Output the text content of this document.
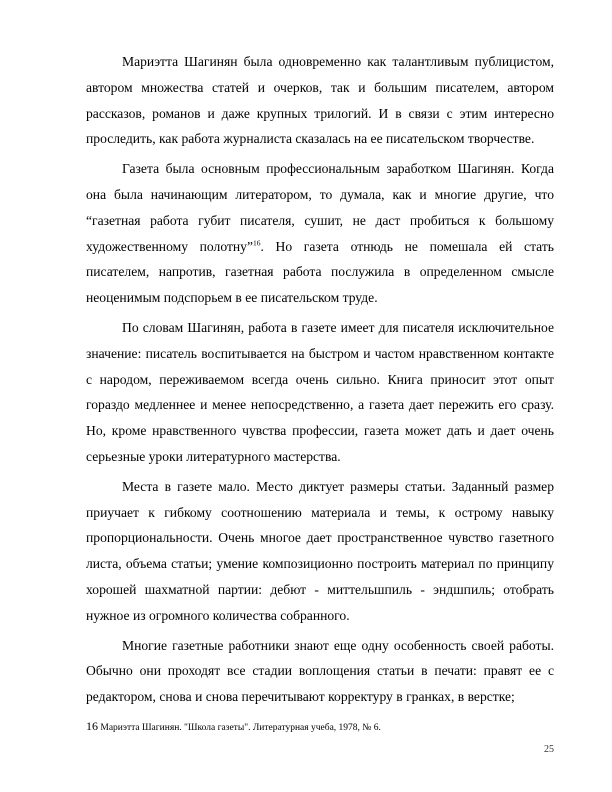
Мариэтта Шагинян была одновременно как талантливым публицистом, автором множества статей и очерков, так и большим писателем, автором рассказов, романов и даже крупных трилогий. И в связи с этим интересно проследить, как работа журналиста сказалась на ее писательском творчестве.

Газета была основным профессиональным заработком Шагинян. Когда она была начинающим литератором, то думала, как и многие другие, что “газетная работа губит писателя, сушит, не даст пробиться к большому художественному полотну”$^{16}$. Но газета отнюдь не помешала ей стать писателем, напротив, газетная работа послужила в определенном смысле неоценимым подспорьем в ее писательском труде.

По словам Шагинян, работа в газете имеет для писателя исключительное значение: писатель воспитывается на быстром и частом нравственном контакте с народом, переживаемом всегда очень сильно. Книга приносит этот опыт гораздо медленнее и менее непосредственно, а газета дает пережить его сразу. Но, кроме нравственного чувства профессии, газета может дать и дает очень серьезные уроки литературного мастерства.

Места в газете мало. Место диктует размеры статьи. Заданный размер приучает к гибкому соотношению материала и темы, к острому навыку пропорциональности. Очень многое дает пространственное чувство газетного листа, объема статьи; умение композиционно построить материал по принципу хорошей шахматной партии: дебют - миттельшпиль - эндшпиль; отобрать нужное из огромного количества собранного.

Многие газетные работники знают еще одну особенность своей работы. Обычно они проходят все стадии воплощения статьи в печати: правят ее с редактором, снова и снова перечитывают корректуру в гранках, в верстке;

16 Мариэтта Шагинян. "Школа газеты". Литературная учеба, 1978, № 6.
25
